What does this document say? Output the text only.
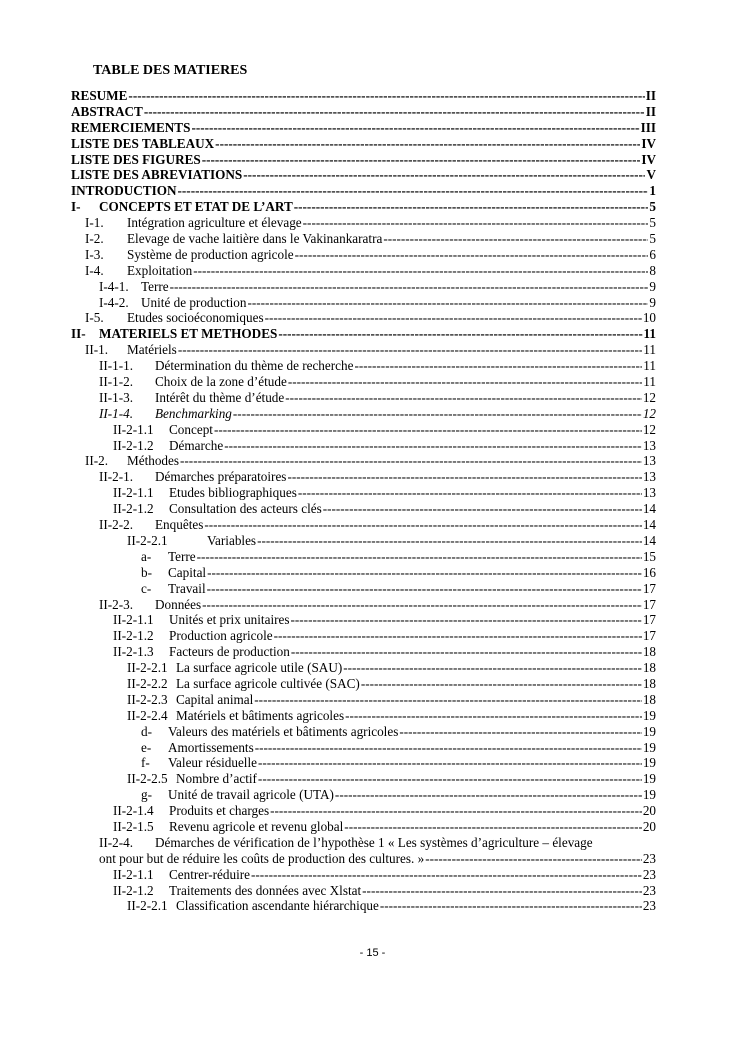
TABLE DES MATIERES
RESUME -----	II
ABSTRACT -----	II
REMERCIEMENTS -----	III
LISTE DES TABLEAUX -----	IV
LISTE DES FIGURES -----	IV
LISTE DES ABREVIATIONS -----	V
INTRODUCTION -----	1
I-	CONCEPTS ET ETAT DE L’ART -----	5
I-1.	Intégration agriculture et élevage -----	5
I-2.	Elevage de vache laitière dans le Vakinankaratra -----	5
I-3.	Système de production agricole -----	6
I-4.	Exploitation -----	8
I-4-1. Terre -----	9
I-4-2. Unité de production -----	9
I-5.	Etudes socioéconomiques -----	10
II-	MATERIELS ET METHODES -----	11
II-1.	Matériels -----	11
II-1-1.	Détermination du thème de recherche -----	11
II-1-2.	Choix de la zone d’étude -----	11
II-1-3.	Intérêt du thème d’étude -----	12
II-1-4.	Benchmarking -----	12
II-2-1.1	Concept -----	12
II-2-1.2	Démarche -----	13
II-2.	Méthodes -----	13
II-2-1.	Démarches préparatoires -----	13
II-2-1.1	Etudes bibliographiques -----	13
II-2-1.2	Consultation des acteurs clés -----	14
II-2-2.	Enquêtes -----	14
II-2-2.1	Variables -----	14
a-	Terre -----	15
b-	Capital -----	16
c-	Travail -----	17
II-2-3.	Données -----	17
II-2-1.1	Unités et prix unitaires -----	17
II-2-1.2	Production agricole -----	17
II-2-1.3	Facteurs de production -----	18
II-2-2.1 La surface agricole utile (SAU) -----	18
II-2-2.2 La surface agricole cultivée (SAC) -----	18
II-2-2.3 Capital animal -----	18
II-2-2.4 Matériels et bâtiments agricoles -----	19
d-	Valeurs des matériels et bâtiments agricoles -----	19
e-	Amortissements -----	19
f-	Valeur résiduelle -----	19
II-2-2.5 Nombre d’actif -----	19
g-	Unité de travail agricole (UTA) -----	19
II-2-1.4	Produits et charges -----	20
II-2-1.5	Revenu agricole et revenu global -----	20
II-2-4.	Démarches de vérification de l’hypothèse 1 « Les systèmes d’agriculture – élevage
ont pour but de réduire les coûts de production des cultures. » -----	23
II-2-1.1	Centrer-réduire -----	23
II-2-1.2	Traitements des données avec Xlstat -----	23
II-2-2.1 Classification ascendante hiérarchique -----	23
- 15 -
